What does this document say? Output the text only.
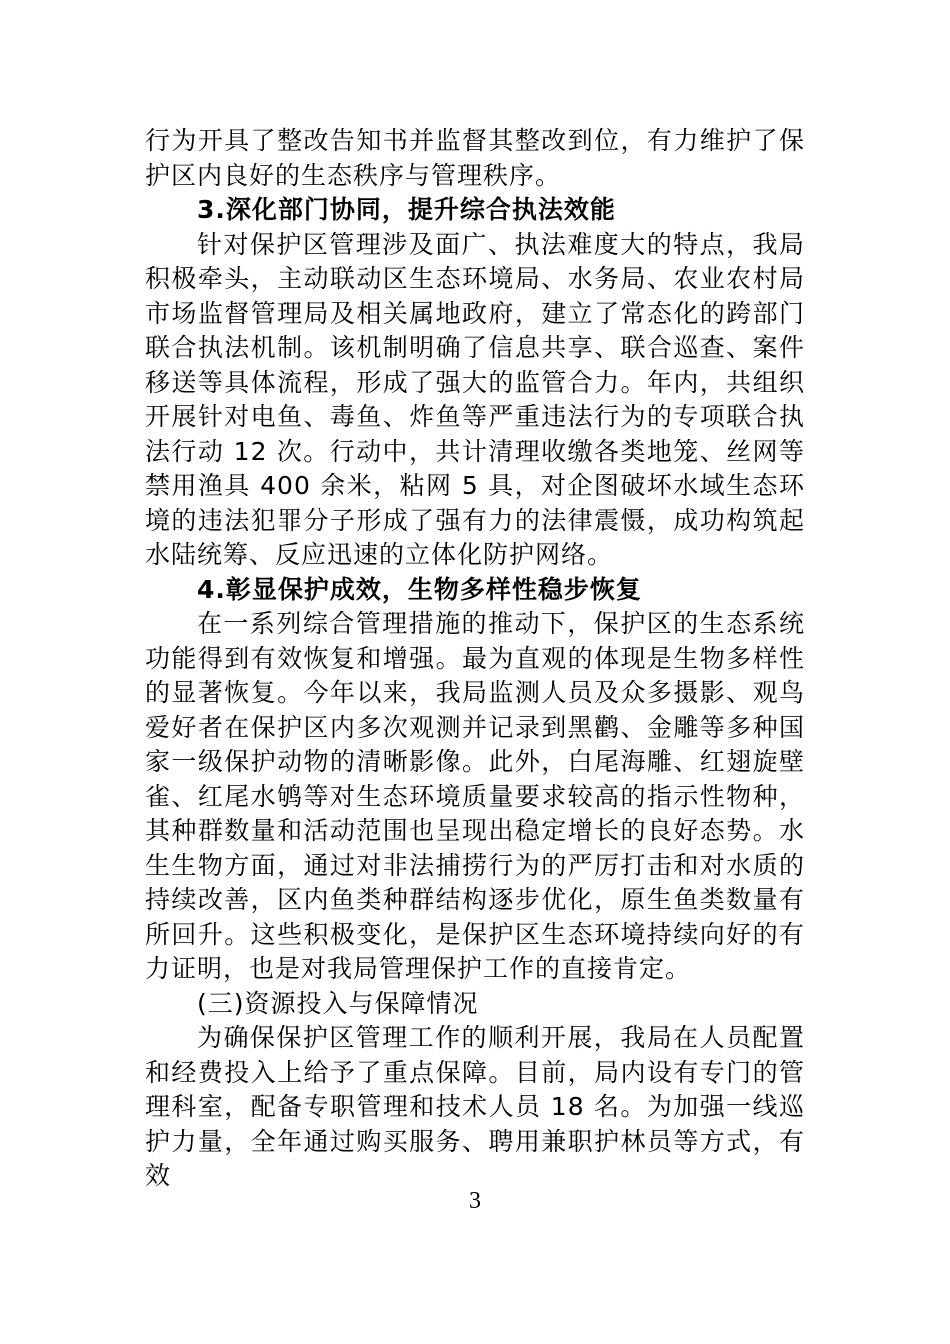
行为开具了整改告知书并监督其整改到位，有力维护了保护区内良好的生态秩序与管理秩序。

3.深化部门协同，提升综合执法效能

针对保护区管理涉及面广、执法难度大的特点，我局积极牵头，主动联动区生态环境局、水务局、农业农村局市场监督管理局及相关属地政府，建立了常态化的跨部门联合执法机制。该机制明确了信息共享、联合巡查、案件移送等具体流程，形成了强大的监管合力。年内，共组织开展针对电鱼、毒鱼、炸鱼等严重违法行为的专项联合执法行动 12 次。行动中，共计清理收缴各类地笼、丝网等禁用渔具 400 余米，粘网 5 具，对企图破坏水域生态环境的违法犯罪分子形成了强有力的法律震慑，成功构筑起水陆统筹、反应迅速的立体化防护网络。

4.彰显保护成效，生物多样性稳步恢复

在一系列综合管理措施的推动下，保护区的生态系统功能得到有效恢复和增强。最为直观的体现是生物多样性的显著恢复。今年以来，我局监测人员及众多摄影、观鸟爱好者在保护区内多次观测并记录到黑鹳、金雕等多种国家一级保护动物的清晰影像。此外，白尾海雕、红翅旋壁雀、红尾水鸲等对生态环境质量要求较高的指示性物种，其种群数量和活动范围也呈现出稳定增长的良好态势。水生生物方面，通过对非法捕捞行为的严厉打击和对水质的持续改善，区内鱼类种群结构逐步优化，原生鱼类数量有所回升。这些积极变化，是保护区生态环境持续向好的有力证明，也是对我局管理保护工作的直接肯定。

(三)资源投入与保障情况

为确保保护区管理工作的顺利开展，我局在人员配置和经费投入上给予了重点保障。目前，局内设有专门的管理科室，配备专职管理和技术人员 18 名。为加强一线巡护力量，全年通过购买服务、聘用兼职护林员等方式，有效

3
